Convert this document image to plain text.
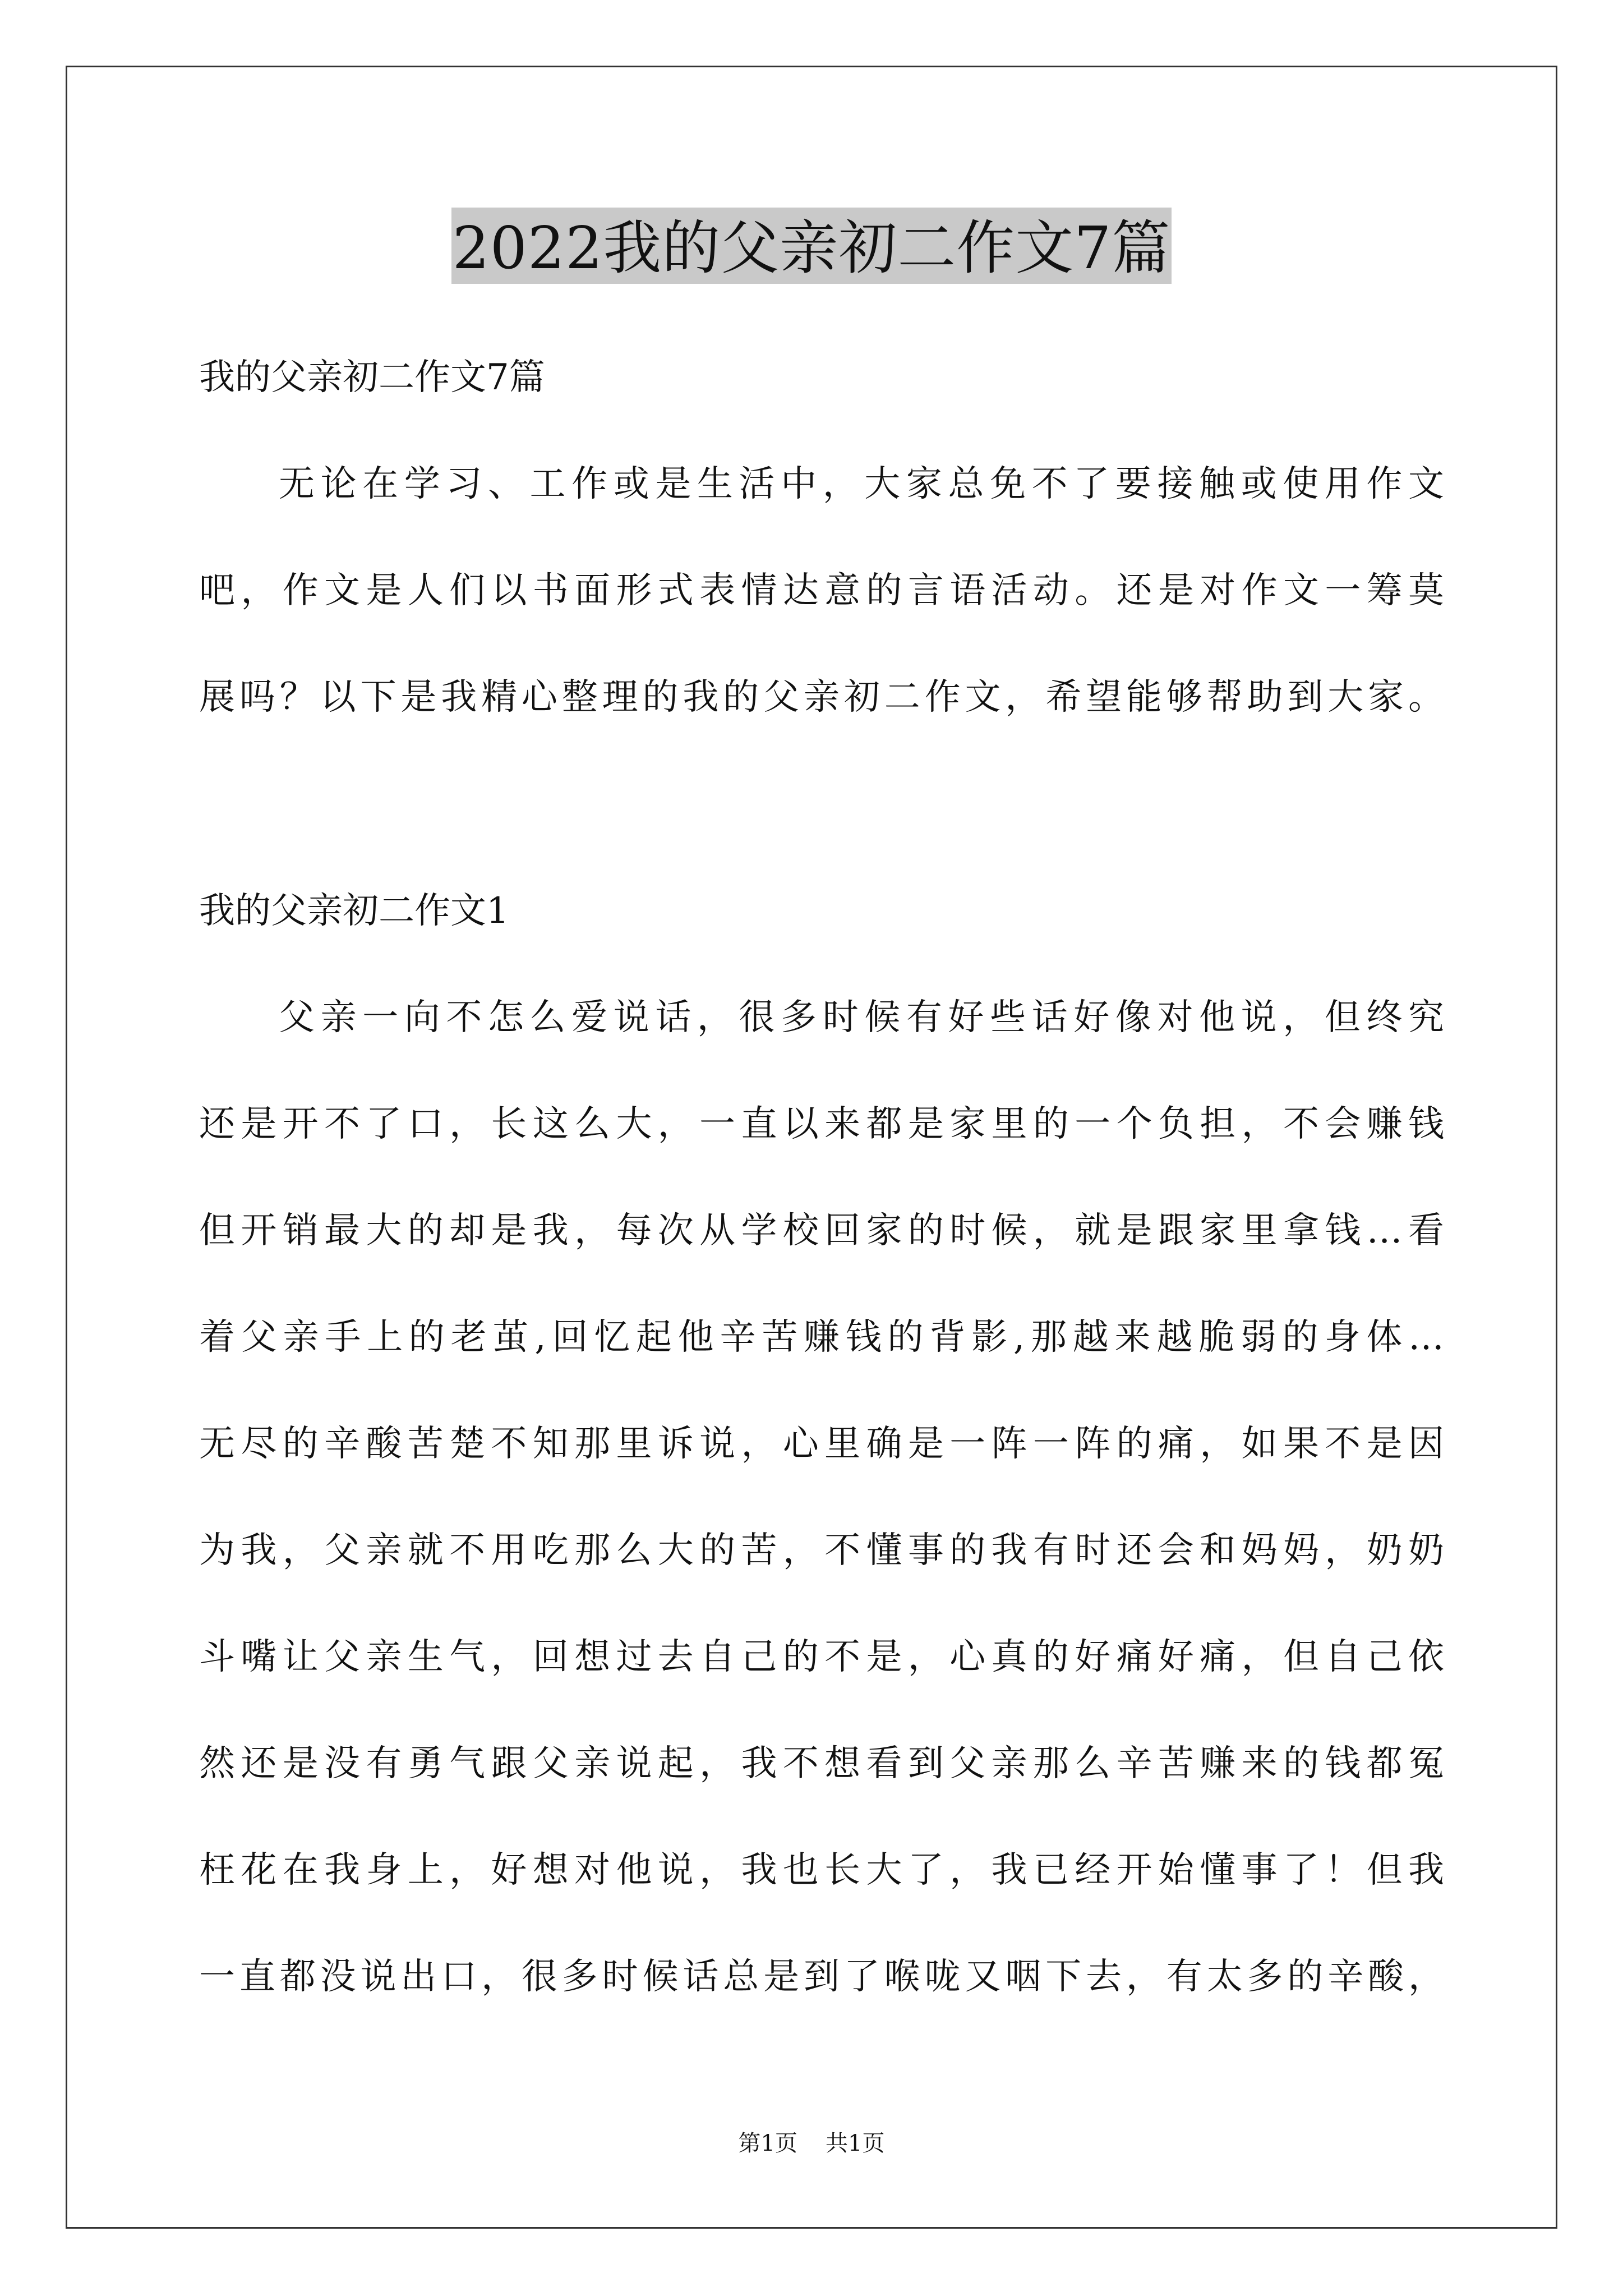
2022我的父亲初二作文7篇
我的父亲初二作文7篇
无论在学习、工作或是生活中，大家总免不了要接触或使用作文
吧，作文是人们以书面形式表情达意的言语活动。还是对作文一筹莫
展吗？以下是我精心整理的我的父亲初二作文，希望能够帮助到大家。
我的父亲初二作文1
父亲一向不怎么爱说话，很多时候有好些话好像对他说，但终究
还是开不了口，长这么大，一直以来都是家里的一个负担，不会赚钱
但开销最大的却是我，每次从学校回家的时候，就是跟家里拿钱…看
着父亲手上的老茧,回忆起他辛苦赚钱的背影,那越来越脆弱的身体…
无尽的辛酸苦楚不知那里诉说，心里确是一阵一阵的痛，如果不是因
为我，父亲就不用吃那么大的苦，不懂事的我有时还会和妈妈，奶奶
斗嘴让父亲生气，回想过去自己的不是，心真的好痛好痛，但自己依
然还是没有勇气跟父亲说起，我不想看到父亲那么辛苦赚来的钱都冤
枉花在我身上，好想对他说，我也长大了，我已经开始懂事了！但我
一直都没说出口，很多时候话总是到了喉咙又咽下去，有太多的辛酸，
第1页 共1页
